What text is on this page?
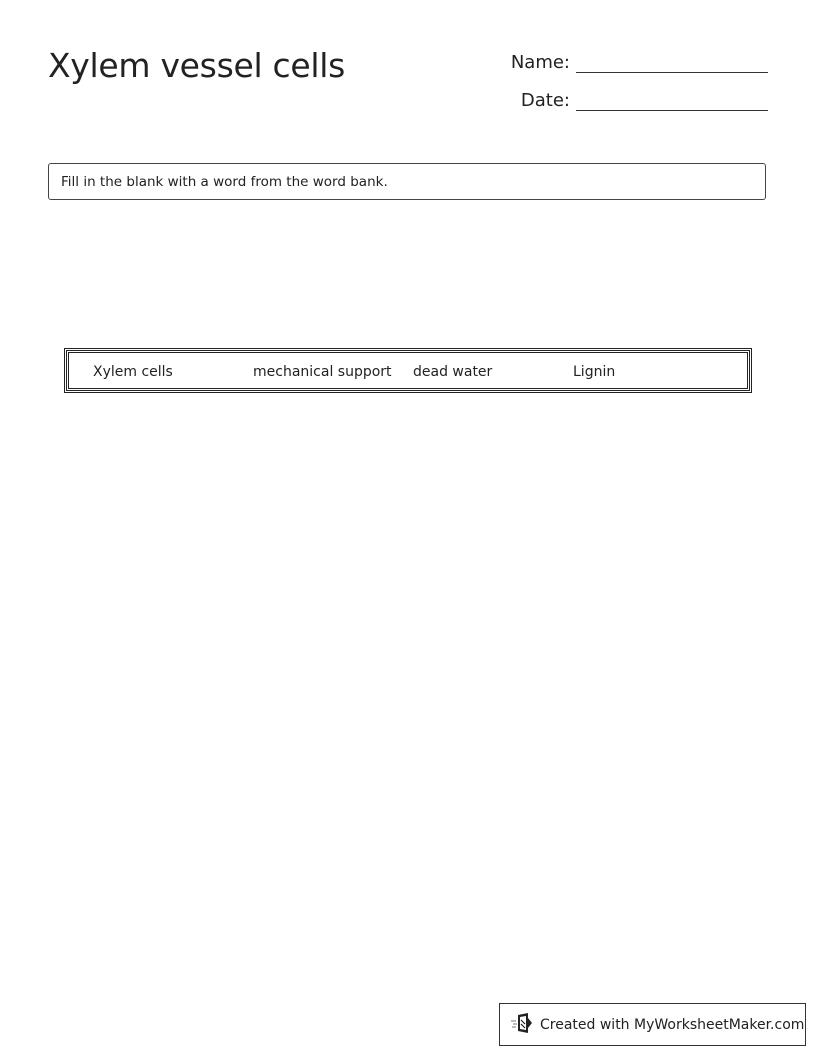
Xylem vessel cells	Name:
Date:
Fill in the blank with a word from the word bank.
Xylem cells	mechanical support dead water	Lignin
Created with MyWorksheetMaker.com
